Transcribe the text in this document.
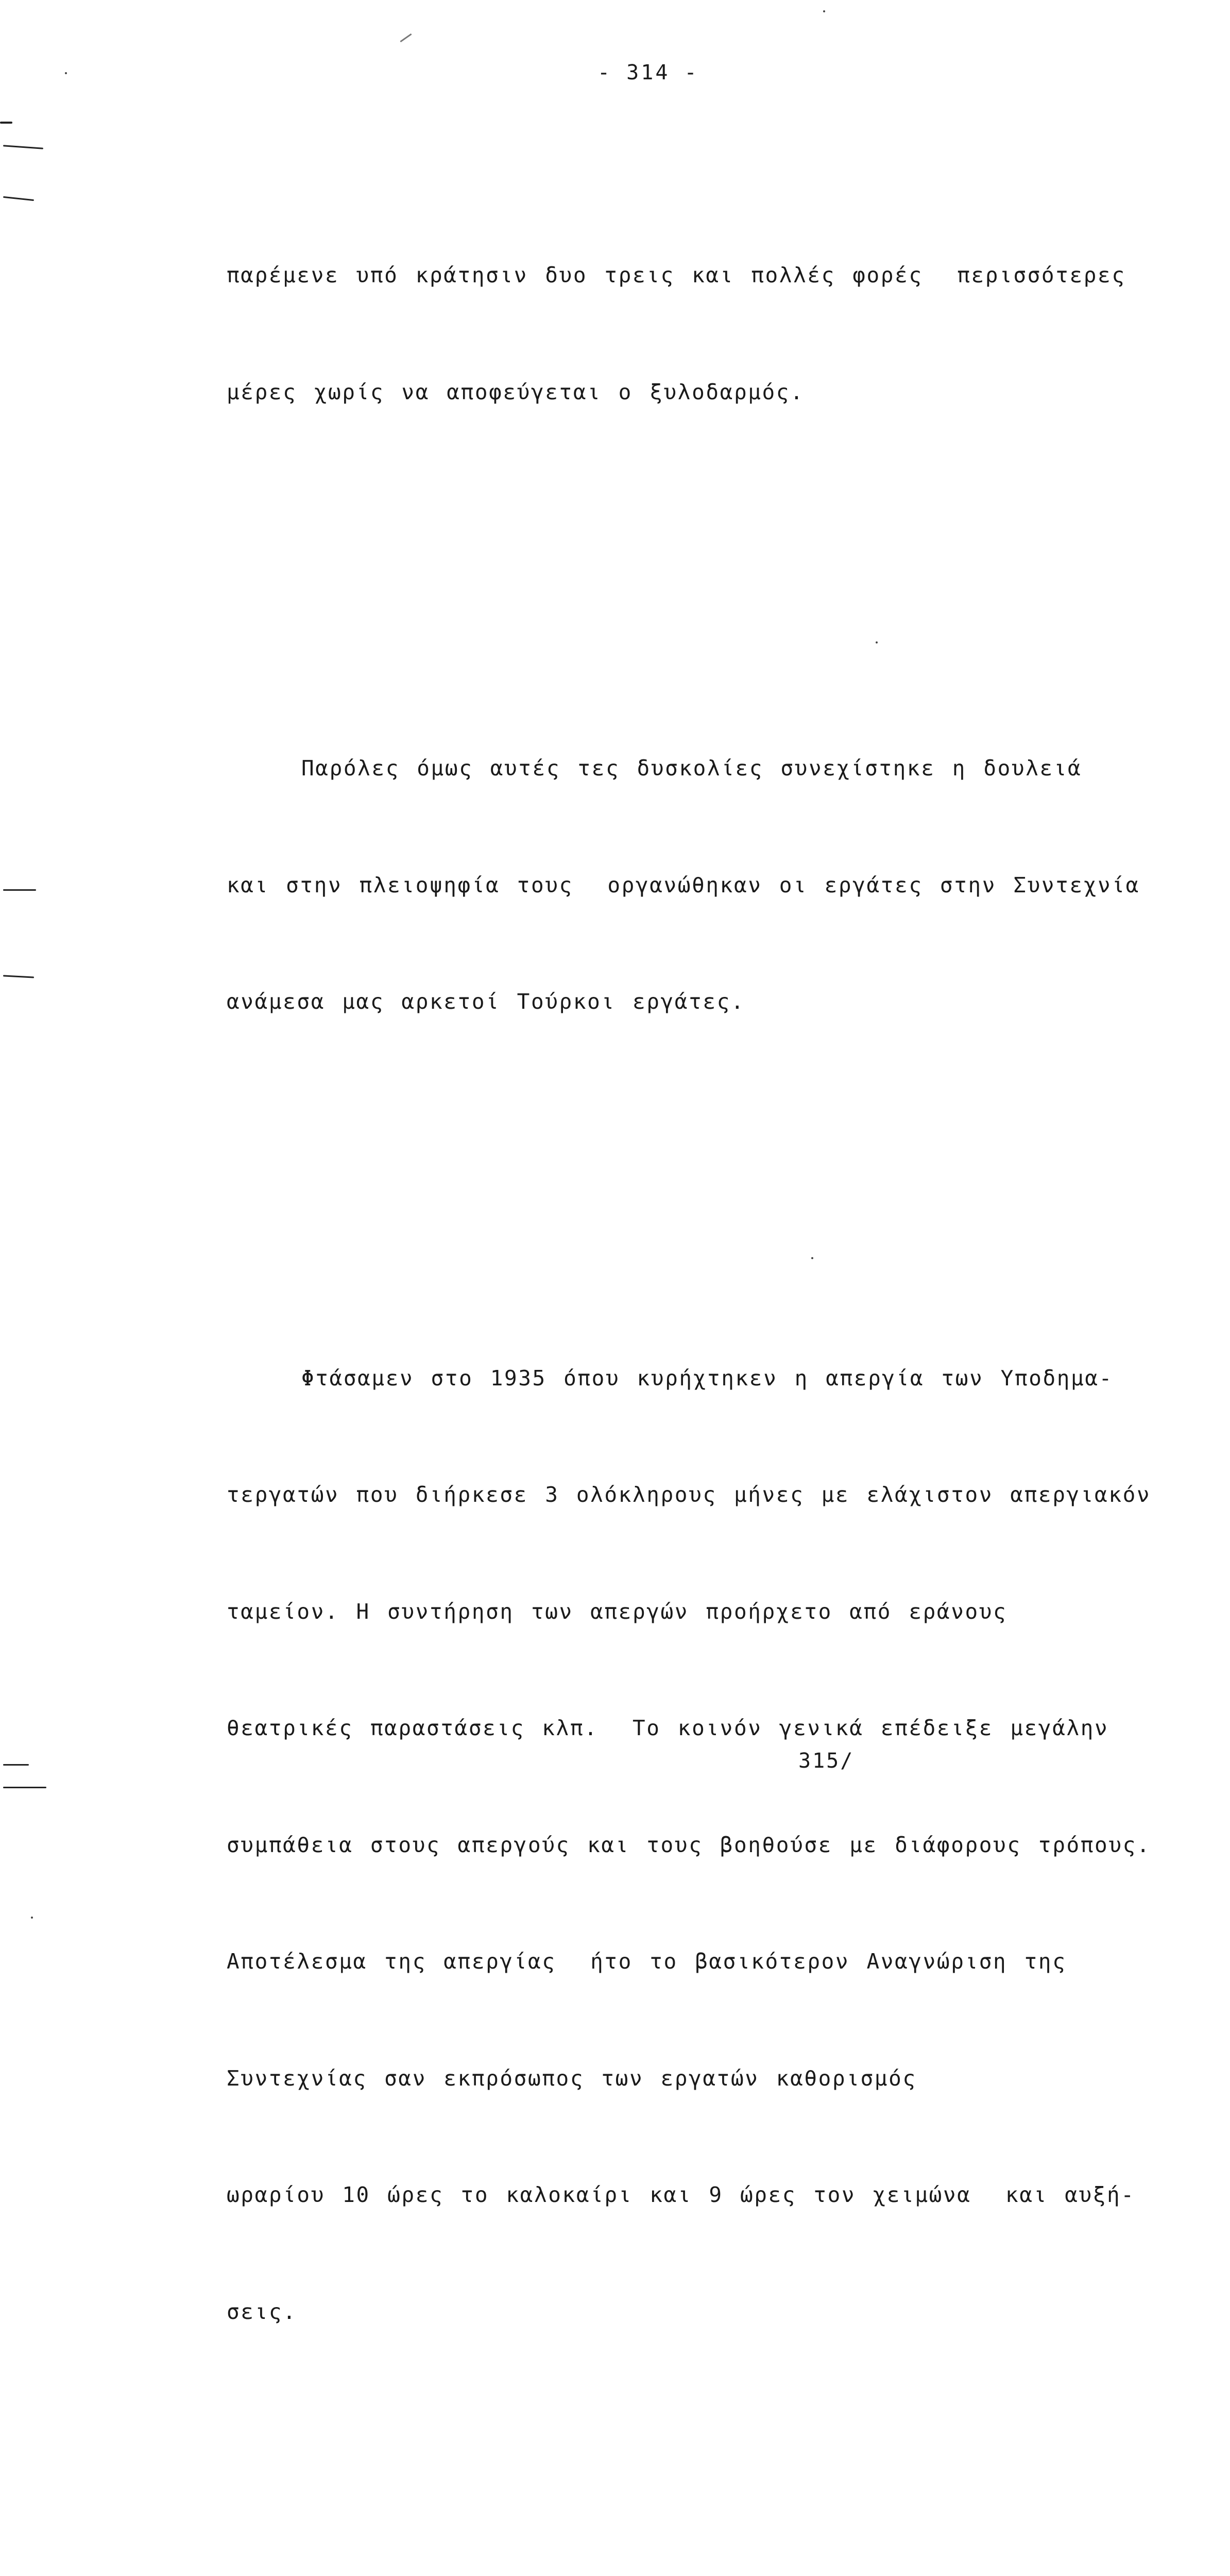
- 314 -

παρέμενε υπό κράτησιν δυο τρεις και πολλές φορές  περισσότερες

μέρες χωρίς να αποφεύγεται ο ξυλοδαρμός.

Παρόλες όμως αυτές τες δυσκολίες συνεχίστηκε η δουλειά

και στην πλειοψηφία τους  οργανώθηκαν οι εργάτες στην Συντεχνία

ανάμεσα μας αρκετοί Τούρκοι εργάτες.

Φτάσαμεν στο 1935 όπου κυρήχτηκεν η απεργία των Υποδημα-

τεργατών που διήρκεσε 3 ολόκληρους μήνες με ελάχιστον απεργιακόν

ταμείον. Η συντήρηση των απεργών προήρχετο από εράνους

θεατρικές παραστάσεις κλπ.  Το κοινόν γενικά επέδειξε μεγάλην

συμπάθεια στους απεργούς και τους βοηθούσε με διάφορους τρόπους.

Αποτέλεσμα της απεργίας  ήτο το βασικότερον Αναγνώριση της

Συντεχνίας σαν εκπρόσωπος των εργατών καθορισμός

ωραρίου 10 ώρες το καλοκαίρι και 9 ώρες τον χειμώνα  και αυξή-

σεις.

315/
